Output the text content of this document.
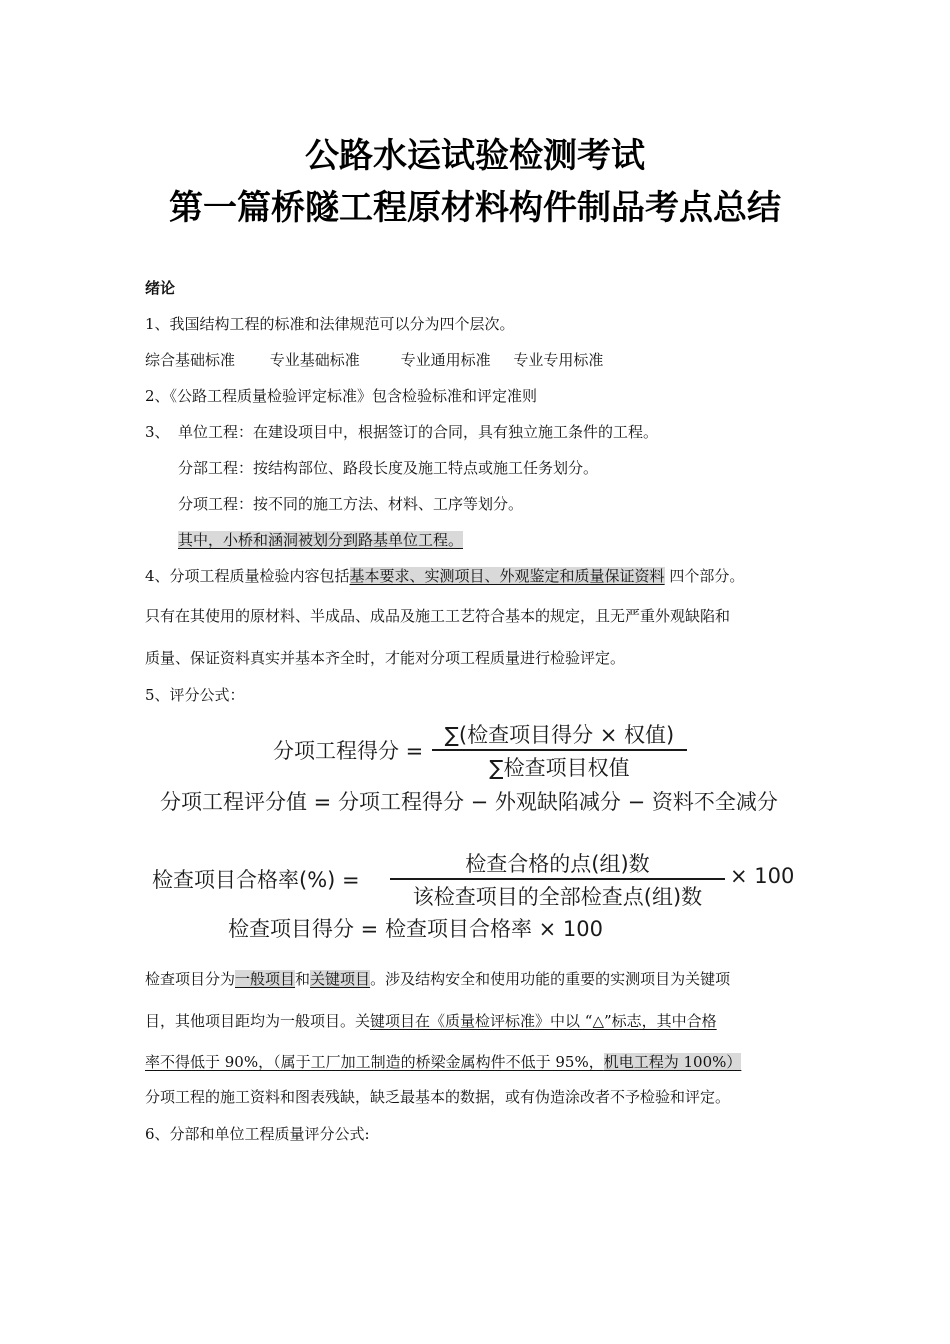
公路水运试验检测考试
第一篇桥隧工程原材料构件制品考点总结
绪论
1、我国结构工程的标准和法律规范可以分为四个层次。
综合基础标准 专业基础标准	专业通用标准 专业专用标准
2、《公路工程质量检验评定标准》包含检验标准和评定准则
3、 单位工程：在建设项目中，根据签订的合同，具有独立施工条件的工程。
分部工程：按结构部位、路段长度及施工特点或施工任务划分。
分项工程：按不同的施工方法、材料、工序等划分。
其中，小桥和涵洞被划分到路基单位工程。
4、分项工程质量检验内容包括基本要求、实测项目、外观鉴定和质量保证资料 四个部分。
只有在其使用的原材料、半成品、成品及施工工艺符合基本的规定，且无严重外观缺陷和
质量、保证资料真实并基本齐全时，才能对分项工程质量进行检验评定。
5、评分公式：
分项工程得分 =
∑(检查项目得分 × 权值)
∑检查项目权值
分项工程评分值 = 分项工程得分 − 外观缺陷减分 − 资料不全减分
检查项目合格率(%) =
检查合格的点(组)数
该检查项目的全部检查点(组)数
× 100
检查项目得分 = 检查项目合格率 × 100
检查项目分为一般项目和关键项目。涉及结构安全和使用功能的重要的实测项目为关键项
目，其他项目距均为一般项目。关键项目在《质量检评标准》中以 “△”标志，其中合格
率不得低于 90%，（属于工厂加工制造的桥梁金属构件不低于 95%，机电工程为 100%）
分项工程的施工资料和图表残缺，缺乏最基本的数据，或有伪造涂改者不予检验和评定。
6、分部和单位工程质量评分公式:
